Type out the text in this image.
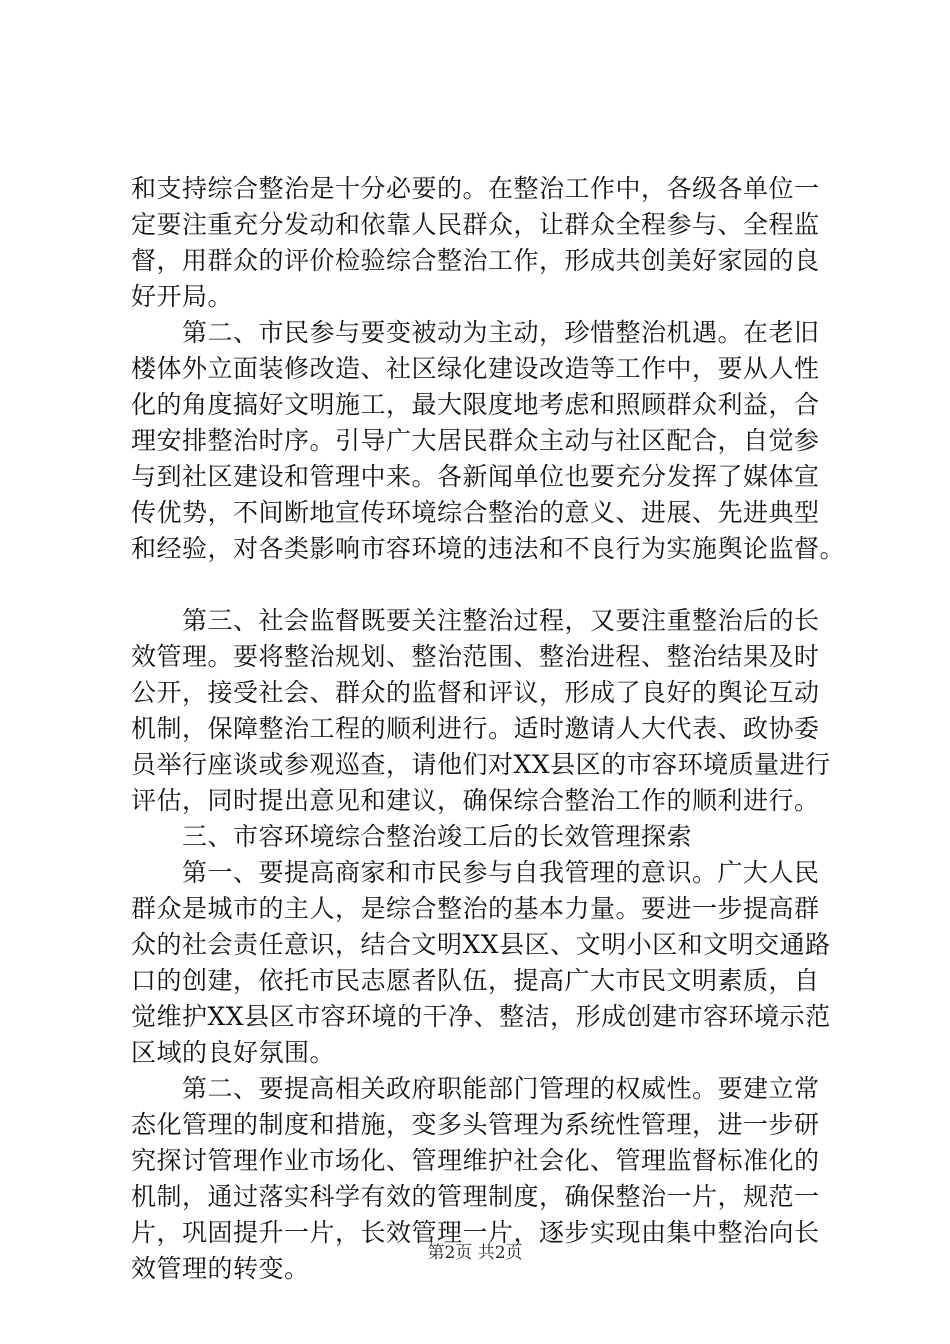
和支持综合整治是十分必要的。在整治工作中，各级各单位一
定要注重充分发动和依靠人民群众，让群众全程参与、全程监
督，用群众的评价检验综合整治工作，形成共创美好家园的良
好开局。
　　第二、市民参与要变被动为主动，珍惜整治机遇。在老旧
楼体外立面装修改造、社区绿化建设改造等工作中，要从人性
化的角度搞好文明施工，最大限度地考虑和照顾群众利益，合
理安排整治时序。引导广大居民群众主动与社区配合，自觉参
与到社区建设和管理中来。各新闻单位也要充分发挥了媒体宣
传优势，不间断地宣传环境综合整治的意义、进展、先进典型
和经验，对各类影响市容环境的违法和不良行为实施舆论监督。
　　第三、社会监督既要关注整治过程，又要注重整治后的长
效管理。要将整治规划、整治范围、整治进程、整治结果及时
公开，接受社会、群众的监督和评议，形成了良好的舆论互动
机制，保障整治工程的顺利进行。适时邀请人大代表、政协委
员举行座谈或参观巡查，请他们对XX县区的市容环境质量进行
评估，同时提出意见和建议，确保综合整治工作的顺利进行。
　　三、市容环境综合整治竣工后的长效管理探索
　　第一、要提高商家和市民参与自我管理的意识。广大人民
群众是城市的主人，是综合整治的基本力量。要进一步提高群
众的社会责任意识，结合文明XX县区、文明小区和文明交通路
口的创建，依托市民志愿者队伍，提高广大市民文明素质，自
觉维护XX县区市容环境的干净、整洁，形成创建市容环境示范
区域的良好氛围。
　　第二、要提高相关政府职能部门管理的权威性。要建立常
态化管理的制度和措施，变多头管理为系统性管理，进一步研
究探讨管理作业市场化、管理维护社会化、管理监督标准化的
机制，通过落实科学有效的管理制度，确保整治一片，规范一
片，巩固提升一片，长效管理一片，逐步实现由集中整治向长
效管理的转变。
第2页 共2页
